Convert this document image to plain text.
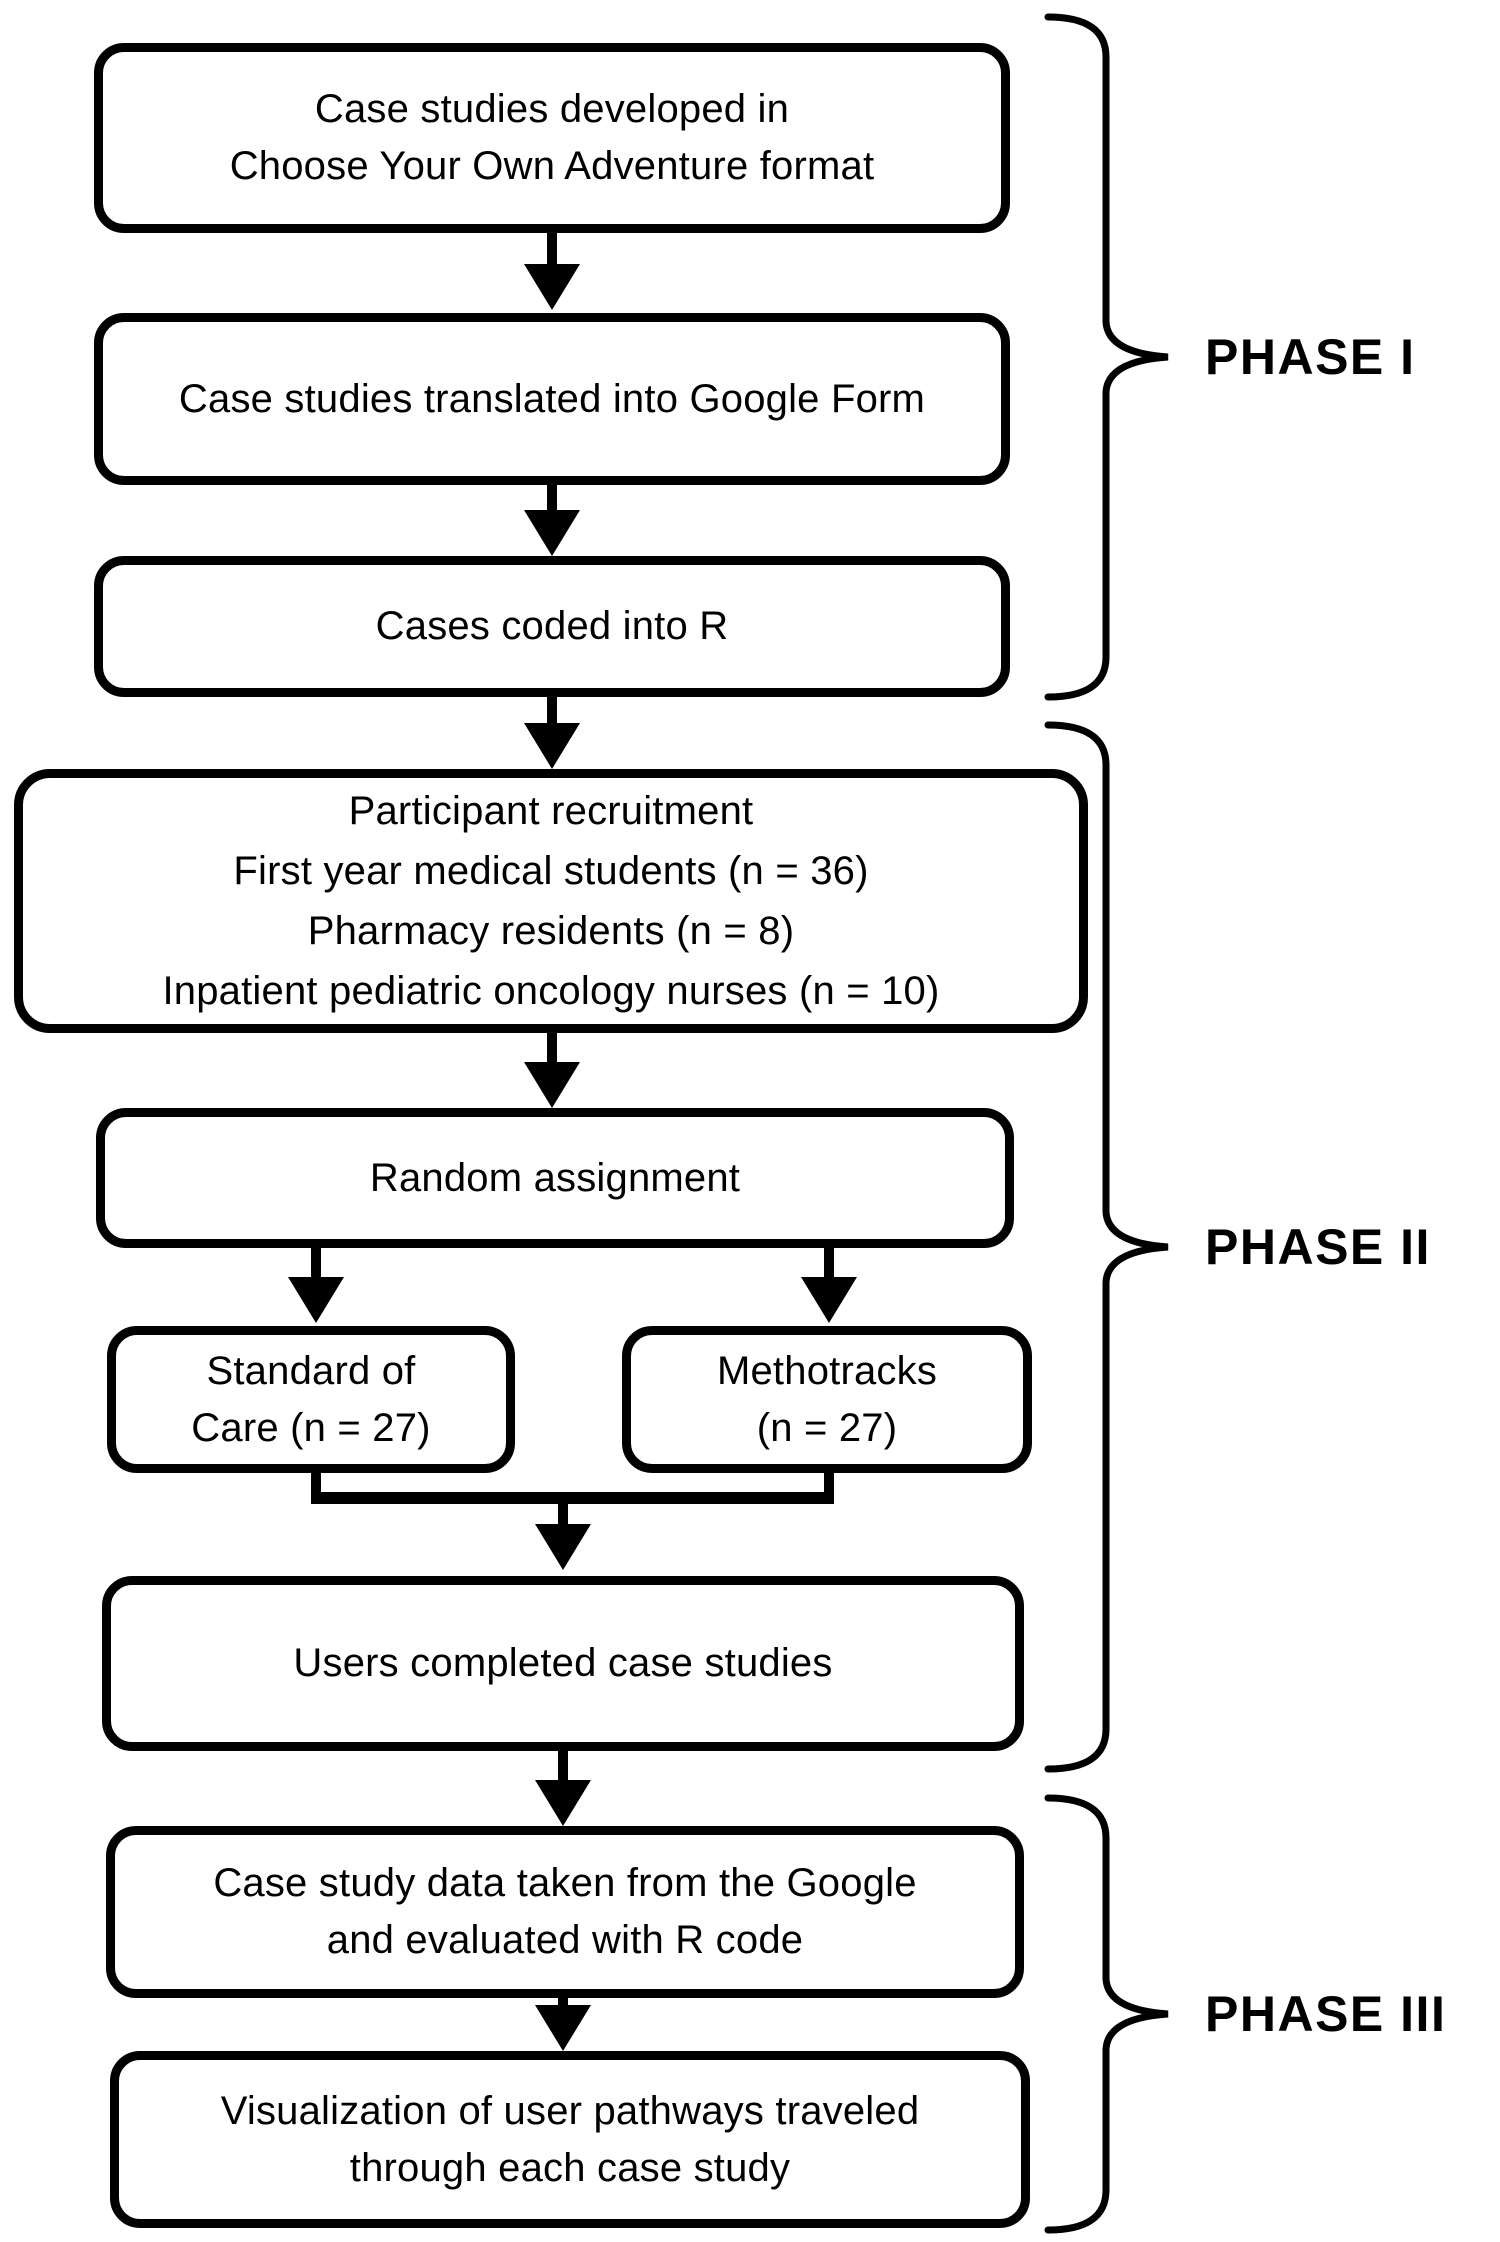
Case studies developed in
Choose Your Own Adventure format
Case studies translated into Google Form
Cases coded into R
Participant recruitment
First year medical students (n = 36)
Pharmacy residents (n = 8)
Inpatient pediatric oncology nurses (n = 10)
Random assignment
Standard of
Care (n = 27)
Methotracks
(n = 27)
Users completed case studies
Case study data taken from the Google
and evaluated with R code
Visualization of user pathways traveled
through each case study
PHASE I
PHASE II
PHASE III
